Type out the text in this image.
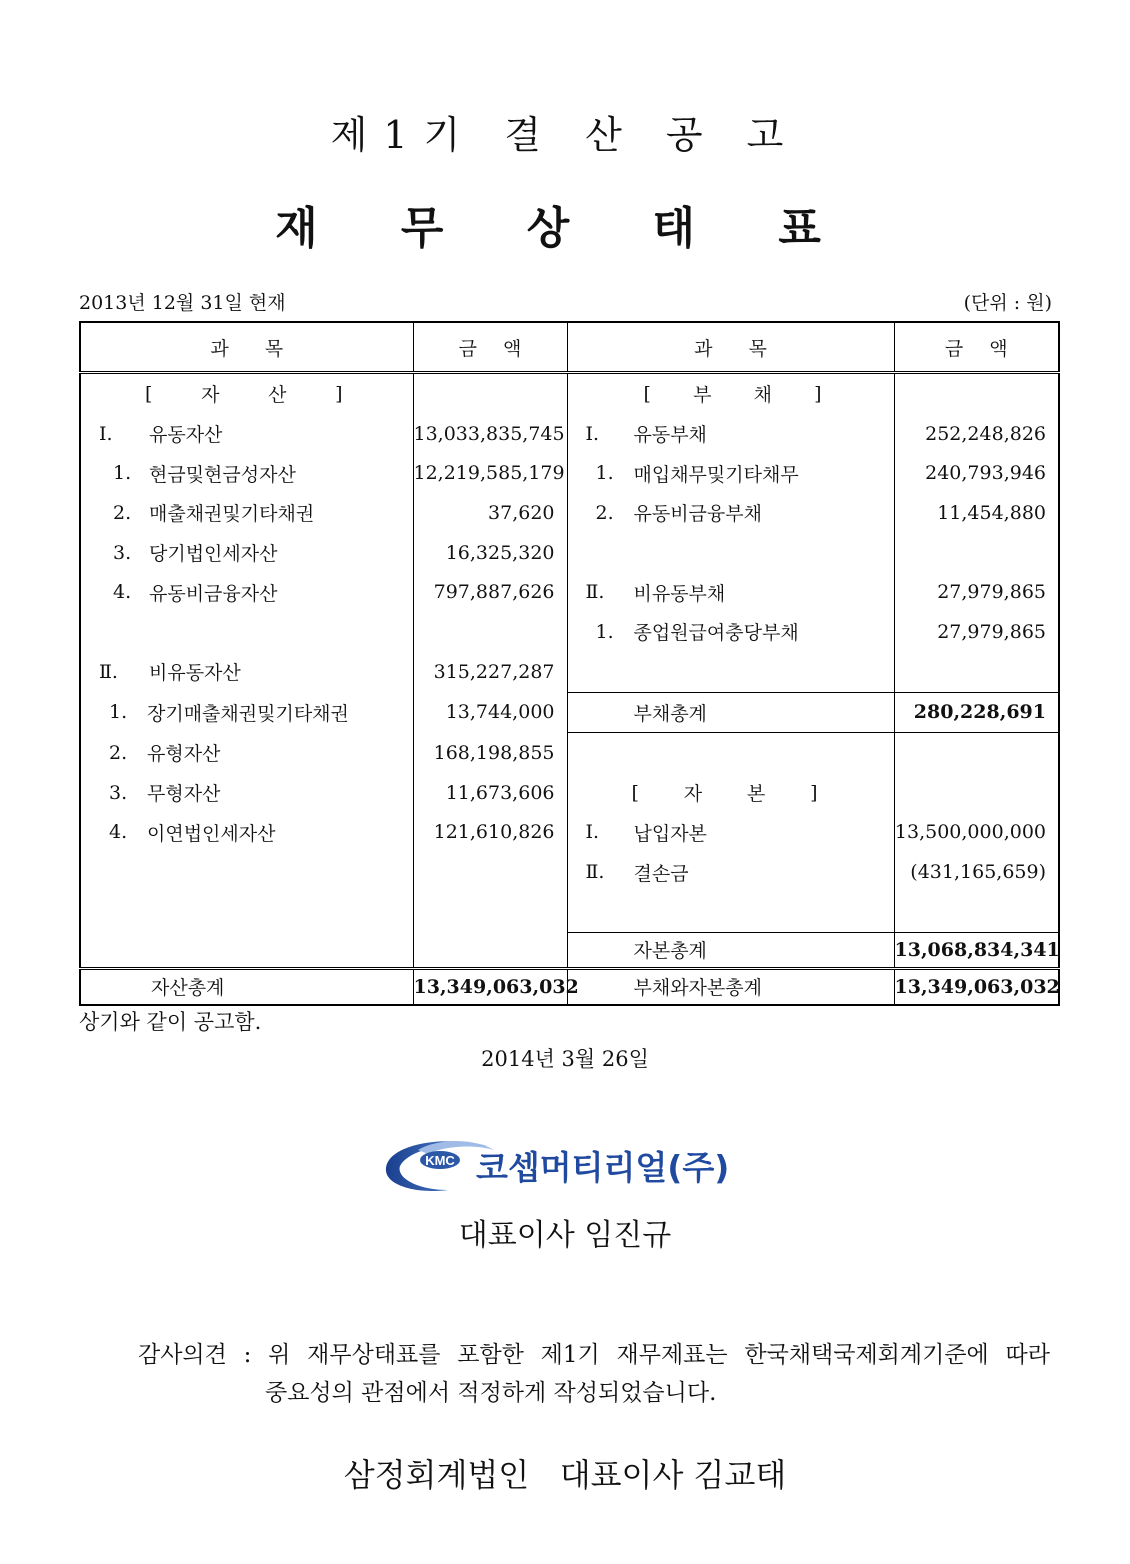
제1기 결 산 공 고
재 무 상 태 표
2013년 12월 31일 현재	(단위 : 원)
과목	금액	과목	금액

[ 자 산 ]		[ 부 채 ]	

Ⅰ. 유동자산	13,033,835,745	Ⅰ. 유동부채	252,248,826

1. 현금및현금성자산	12,219,585,179	1. 매입채무및기타채무	240,793,946

2. 매출채권및기타채권	37,620	2. 유동비금융부채	11,454,880

3. 당기법인세자산	16,325,320		

4. 유동비금융자산	797,887,626	Ⅱ. 비유동부채	27,979,865

		1. 종업원급여충당부채	27,979,865

Ⅱ. 비유동자산	315,227,287		

1. 장기매출채권및기타채권	13,744,000	부채총계	280,228,691

2. 유형자산	168,198,855		

3. 무형자산	11,673,606	[ 자 본 ]	

4. 이연법인세자산	121,610,826	Ⅰ. 납입자본	13,500,000,000

		Ⅱ. 결손금	(431,165,659)

		자본총계	13,068,834,341

자산총계	13,349,063,032	부채와자본총계	13,349,063,032
상기와 같이 공고함.
2014년 3월 26일
KMC 코셉머티리얼(주)
대표이사 임진규
감사의견 : 위 재무상태표를 포함한 제1기 재무제표는 한국채택국제회계기준에 따라
중요성의 관점에서 적정하게 작성되었습니다.
삼정회계법인   대표이사 김교태
